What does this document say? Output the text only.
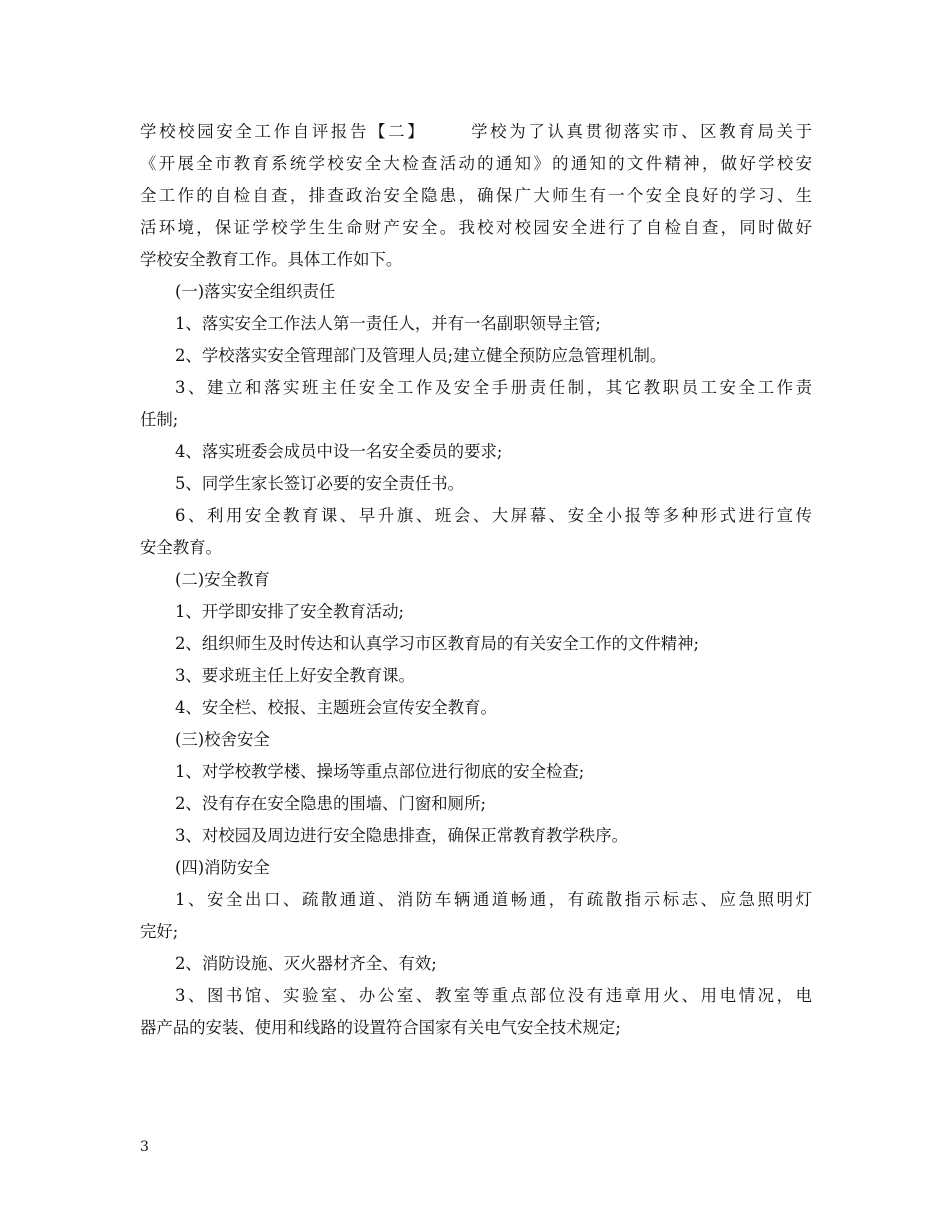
学校校园安全工作自评报告【二】	学校为了认真贯彻落实市、区教育局关于
《开展全市教育系统学校安全大检查活动的通知》的通知的文件精神，做好学校安
全工作的自检自查，排查政治安全隐患，确保广大师生有一个安全良好的学习、生
活环境，保证学校学生生命财产安全。我校对校园安全进行了自检自查，同时做好
学校安全教育工作。具体工作如下。
(一)落实安全组织责任
1、落实安全工作法人第一责任人，并有一名副职领导主管;
2、学校落实安全管理部门及管理人员;建立健全预防应急管理机制。
3、建立和落实班主任安全工作及安全手册责任制，其它教职员工安全工作责
任制;
4、落实班委会成员中设一名安全委员的要求;
5、同学生家长签订必要的安全责任书。
6、利用安全教育课、早升旗、班会、大屏幕、安全小报等多种形式进行宣传
安全教育。
(二)安全教育
1、开学即安排了安全教育活动;
2、组织师生及时传达和认真学习市区教育局的有关安全工作的文件精神;
3、要求班主任上好安全教育课。
4、安全栏、校报、主题班会宣传安全教育。
(三)校舍安全
1、对学校教学楼、操场等重点部位进行彻底的安全检查;
2、没有存在安全隐患的围墙、门窗和厕所;
3、对校园及周边进行安全隐患排查，确保正常教育教学秩序。
(四)消防安全
1、安全出口、疏散通道、消防车辆通道畅通，有疏散指示标志、应急照明灯
完好;
2、消防设施、灭火器材齐全、有效;
3、图书馆、实验室、办公室、教室等重点部位没有违章用火、用电情况，电
器产品的安装、使用和线路的设置符合国家有关电气安全技术规定;
3
